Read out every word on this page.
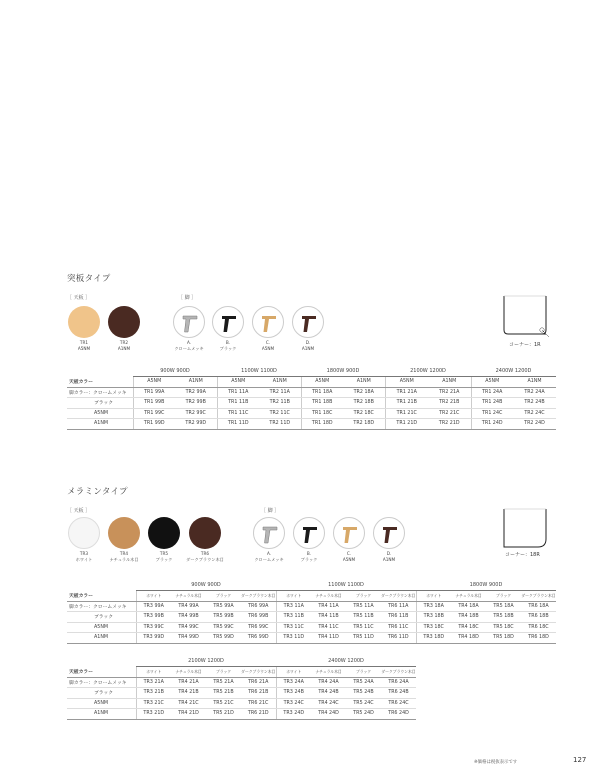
突板タイプ
［ 天板 ］	［ 脚 ］
TR1
A5NM
TR2
A1NM
A.
クロームメッキ
B.
ブラック
C.
A5NM
D.
A1NM
コーナー：1R
	900W 900D		1100W 1100D		1800W 900D		2100W 1200D		2400W 1200D	
天板カラー	A5NM	A1NM	A5NM	A1NM	A5NM	A1NM	A5NM	A1NM	A5NM	A1NM
脚カラー：クロームメッキ	TR1 99A	TR2 99A	TR1 11A	TR2 11A	TR1 18A	TR2 18A	TR1 21A	TR2 21A	TR1 24A	TR2 24A
ブラック	TR1 99B	TR2 99B	TR1 11B	TR2 11B	TR1 18B	TR2 18B	TR1 21B	TR2 21B	TR1 24B	TR2 24B
A5NM	TR1 99C	TR2 99C	TR1 11C	TR2 11C	TR1 18C	TR2 18C	TR1 21C	TR2 21C	TR1 24C	TR2 24C
A1NM	TR1 99D	TR2 99D	TR1 11D	TR2 11D	TR1 18D	TR2 18D	TR1 21D	TR2 21D	TR1 24D	TR2 24D
メラミンタイプ
［ 天板 ］	［ 脚 ］
TR3
ホワイト
TR4
ナチュラル木目
TR5
ブラック
TR6
ダークブラウン木目
A.
クロームメッキ
B.
ブラック
C.
A5NM
D.
A1NM
コーナー：18R
	900W 900D				1100W 1100D				1800W 900D			
天板カラー	ホワイト	ナチュラル木目	ブラック	ダークブラウン木目	ホワイト	ナチュラル木目	ブラック	ダークブラウン木目	ホワイト	ナチュラル木目	ブラック	ダークブラウン木目
脚カラー：クロームメッキ	TR3 99A	TR4 99A	TR5 99A	TR6 99A	TR3 11A	TR4 11A	TR5 11A	TR6 11A	TR3 18A	TR4 18A	TR5 18A	TR6 18A
ブラック	TR3 99B	TR4 99B	TR5 99B	TR6 99B	TR3 11B	TR4 11B	TR5 11B	TR6 11B	TR3 18B	TR4 18B	TR5 18B	TR6 18B
A5NM	TR3 99C	TR4 99C	TR5 99C	TR6 99C	TR3 11C	TR4 11C	TR5 11C	TR6 11C	TR3 18C	TR4 18C	TR5 18C	TR6 18C
A1NM	TR3 99D	TR4 99D	TR5 99D	TR6 99D	TR3 11D	TR4 11D	TR5 11D	TR6 11D	TR3 18D	TR4 18D	TR5 18D	TR6 18D
	2100W 1200D				2400W 1200D			
天板カラー	ホワイト	ナチュラル木目	ブラック	ダークブラウン木目	ホワイト	ナチュラル木目	ブラック	ダークブラウン木目
脚カラー：クロームメッキ	TR3 21A	TR4 21A	TR5 21A	TR6 21A	TR3 24A	TR4 24A	TR5 24A	TR6 24A
ブラック	TR3 21B	TR4 21B	TR5 21B	TR6 21B	TR3 24B	TR4 24B	TR5 24B	TR6 24B
A5NM	TR3 21C	TR4 21C	TR5 21C	TR6 21C	TR3 24C	TR4 24C	TR5 24C	TR6 24C
A1NM	TR3 21D	TR4 21D	TR5 21D	TR6 21D	TR3 24D	TR4 24D	TR5 24D	TR6 24D
※価格は税抜表示です	127
